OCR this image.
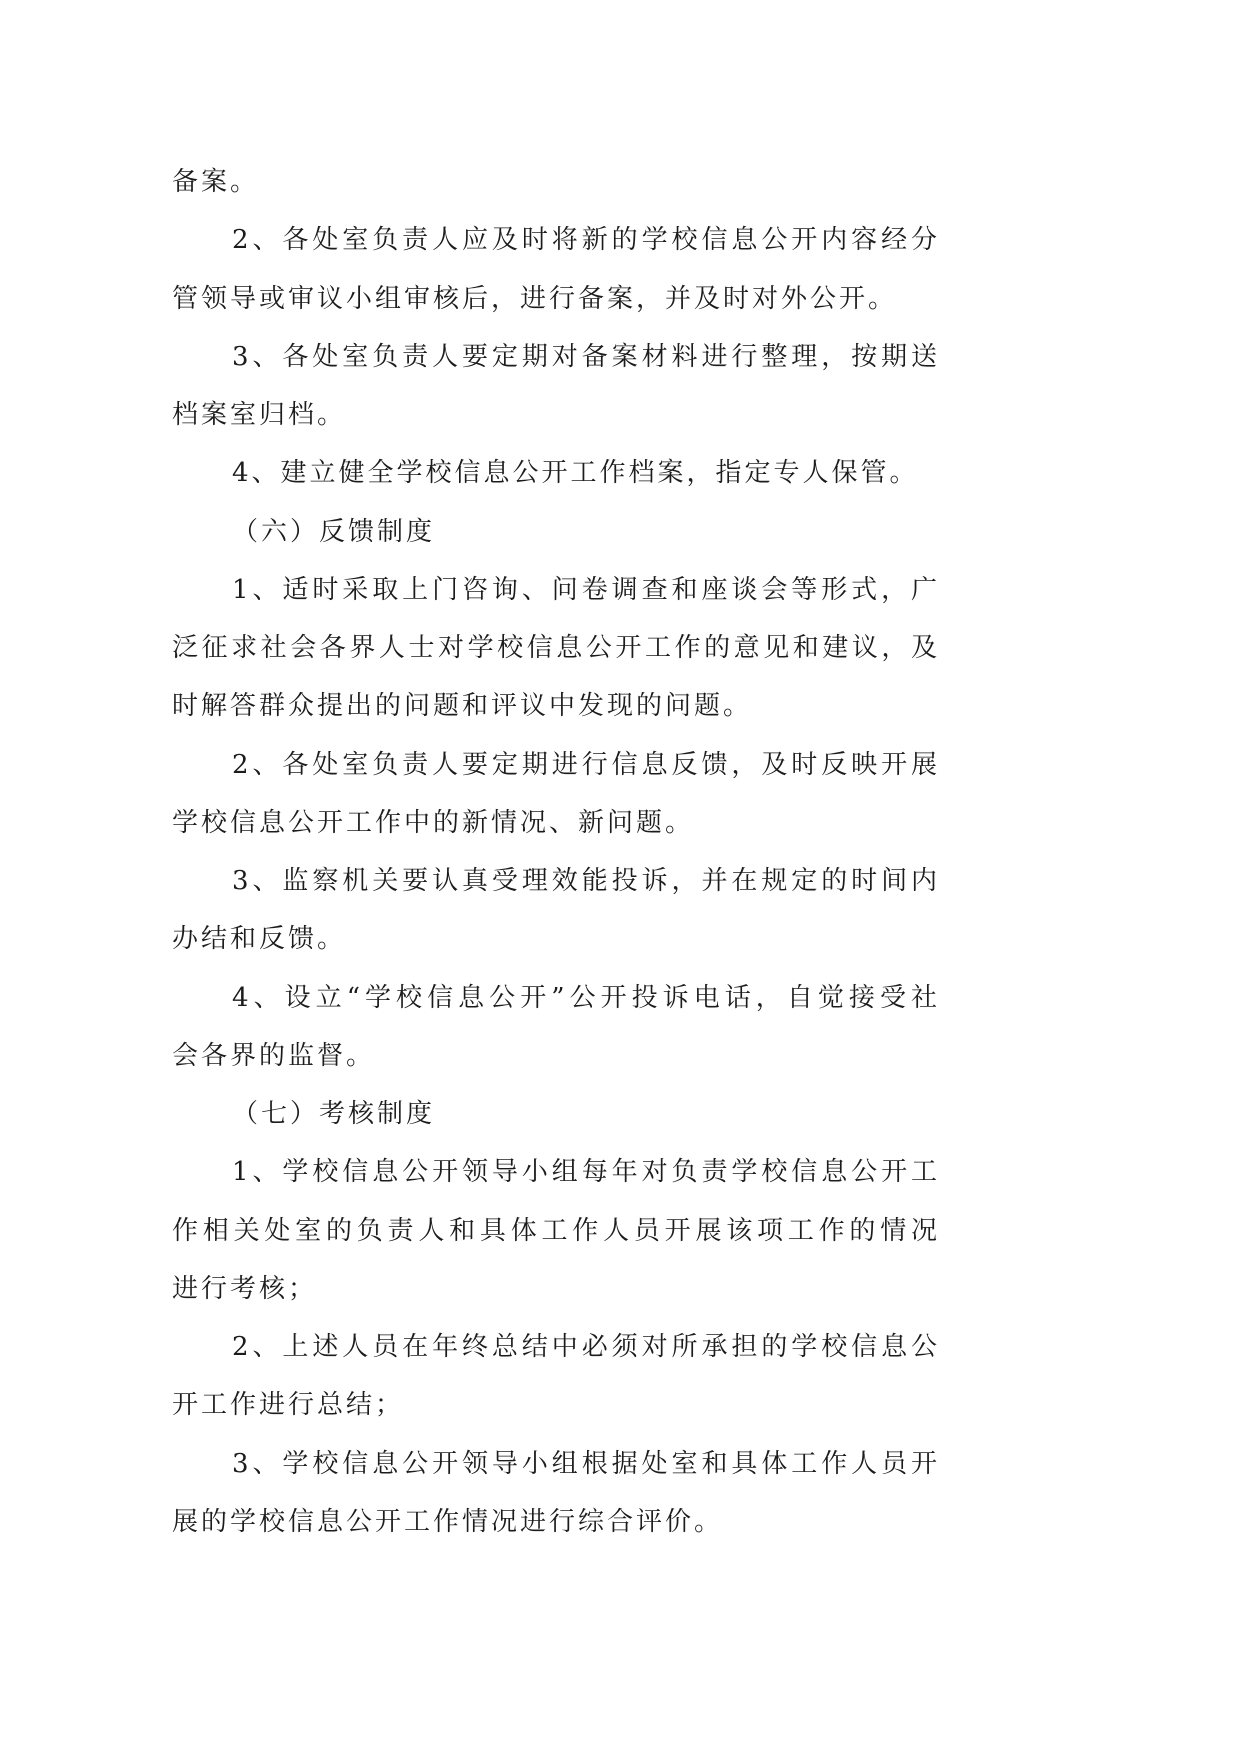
备案。
2、各处室负责人应及时将新的学校信息公开内容经分
管领导或审议小组审核后，进行备案，并及时对外公开。
3、各处室负责人要定期对备案材料进行整理，按期送
档案室归档。
4、建立健全学校信息公开工作档案，指定专人保管。
（六）反馈制度
1、适时采取上门咨询、问卷调查和座谈会等形式，广
泛征求社会各界人士对学校信息公开工作的意见和建议，及
时解答群众提出的问题和评议中发现的问题。
2、各处室负责人要定期进行信息反馈，及时反映开展
学校信息公开工作中的新情况、新问题。
3、监察机关要认真受理效能投诉，并在规定的时间内
办结和反馈。
4、设立“学校信息公开”公开投诉电话，自觉接受社
会各界的监督。
（七）考核制度
1、学校信息公开领导小组每年对负责学校信息公开工
作相关处室的负责人和具体工作人员开展该项工作的情况
进行考核；
2、上述人员在年终总结中必须对所承担的学校信息公
开工作进行总结；
3、学校信息公开领导小组根据处室和具体工作人员开
展的学校信息公开工作情况进行综合评价。
